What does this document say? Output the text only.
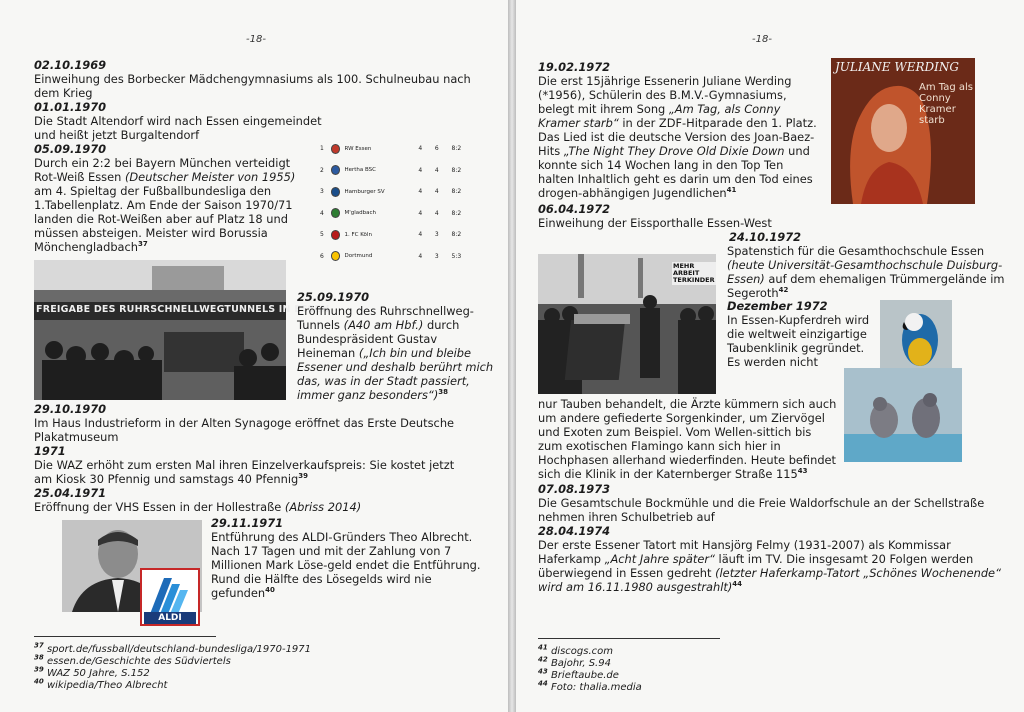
-18-
02.10.1969
Einweihung des Borbecker Mädchengymnasiums als 100. Schulneubau nach dem Krieg
01.01.1970
Die Stadt Altendorf wird nach Essen eingemeindet und heißt jetzt Burgaltendorf
05.09.1970
Durch ein 2:2 bei Bayern München verteidigt Rot-Weiß Essen (Deutscher Meister von 1955) am 4. Spieltag der Fußballbundesliga den 1.Tabellenplatz. Am Ende der Saison 1970/71 landen die Rot-Weißen aber auf Platz 18 und müssen absteigen. Meister wird Borussia Mönchengladbach$^{37}$
1	RW Essen	4	6	8:2
2	Hertha BSC	4	4	8:2
3	Hamburger SV	4	4	8:2
4	M'gladbach	4	4	8:2
5	1. FC Köln	4	3	8:2
6	Dortmund	4	3	5:3
FREIGABE DES RUHRSCHNELLWEGTUNNELS IN ESSEN
25.09.1970
Eröffnung des Ruhrschnellweg-Tunnels (A40 am Hbf.) durch Bundespräsident Gustav Heineman („Ich bin und bleibe Essener und deshalb berührt mich das, was in der Stadt passiert, immer ganz besonders“)$^{38}$
29.10.1970
Im Haus Industrieform in der Alten Synagoge eröffnet das Erste Deutsche Plakatmuseum
1971
Die WAZ erhöht zum ersten Mal ihren Einzelverkaufspreis: Sie kostet jetzt am Kiosk 30 Pfennig und samstags 40 Pfennig$^{39}$
25.04.1971
Eröffnung der VHS Essen in der Hollestraße (Abriss 2014)
ALDI
29.11.1971
Entführung des ALDI-Gründers Theo Albrecht. Nach 17 Tagen und mit der Zahlung von 7 Millionen Mark Löse-geld endet die Entführung. Rund die Hälfte des Lösegelds wird nie gefunden$^{40}$
$^{37}$ sport.de/fussball/deutschland-bundesliga/1970-1971
$^{38}$ essen.de/Geschichte des Südviertels
$^{39}$ WAZ 50 Jahre, S.152
$^{40}$ wikipedia/Theo Albrecht
-18-
19.02.1972
Die erst 15jährige Essenerin Juliane Werding (*1956), Schülerin des B.M.V.-Gymnasiums, belegt mit ihrem Song „Am Tag, als Conny Kramer starb“ in der ZDF-Hitparade den 1. Platz. Das Lied ist die deutsche Version des Joan-Baez-Hits „The Night They Drove Old Dixie Down und konnte sich 14 Wochen lang in den Top Ten halten Inhaltlich geht es darin um den Tod eines drogen-abhängigen Jugendlichen$^{41}$
JULIANE WERDING
Am Tag als Conny Kramer starb
06.04.1972
Einweihung der Eissporthalle Essen-West
MEHR ARBEIT TERKINDER
24.10.1972
Spatenstich für die Gesamthochschule Essen (heute Universität-Gesamthochschule Duisburg-Essen) auf dem ehemaligen Trümmergelände im Segeroth$^{42}$
Dezember 1972
In Essen-Kupferdreh wird die weltweit einzigartige Taubenklinik gegründet. Es werden nicht
nur Tauben behandelt, die Ärzte kümmern sich auch um andere gefiederte Sorgenkinder, um Ziervögel und Exoten zum Beispiel. Vom Wellen-sittich bis zum exotischen Flamingo kann sich hier in Hochphasen allerhand wiederfinden. Heute befindet sich die Klinik in der Katernberger Straße $115^{43}$
07.08.1973
Die Gesamtschule Bockmühle und die Freie Waldorfschule an der Schellstraße nehmen ihren Schulbetrieb auf
28.04.1974
Der erste Essener Tatort mit Hansjörg Felmy (1931-2007) als Kommissar Haferkamp „Acht Jahre später“ läuft im TV. Die insgesamt 20 Folgen werden überwiegend in Essen gedreht (letzter Haferkamp-Tatort „Schönes Wochenende“ wird am 16.11.1980 ausgestrahlt)$^{44}$
$^{41}$ discogs.com
$^{42}$ Bajohr, S.94
$^{43}$ Brieftaube.de
$^{44}$ Foto: thalia.media
